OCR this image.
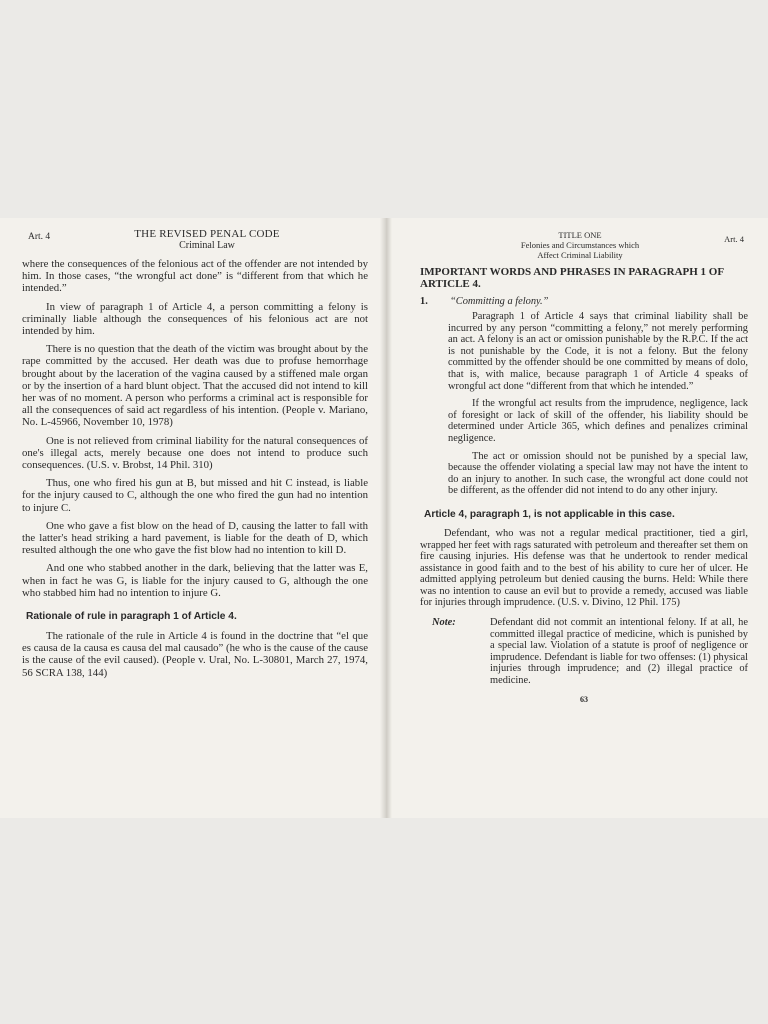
Art. 4	THE REVISED PENAL CODE
Criminal Law

where the consequences of the felonious act of the offender are not intended by him. In those cases, “the wrongful act done” is “different from that which he intended.”

In view of paragraph 1 of Article 4, a person committing a felony is criminally liable although the consequences of his felonious act are not intended by him.

There is no question that the death of the victim was brought about by the rape committed by the accused. Her death was due to profuse hemorrhage brought about by the laceration of the vagina caused by a stiffened male organ or by the insertion of a hard blunt object. That the accused did not intend to kill her was of no moment. A person who performs a criminal act is responsible for all the consequences of said act regardless of his intention. (People v. Mariano, No. L-45966, November 10, 1978)

One is not relieved from criminal liability for the natural consequences of one's illegal acts, merely because one does not intend to produce such consequences. (U.S. v. Brobst, 14 Phil. 310)

Thus, one who fired his gun at B, but missed and hit C instead, is liable for the injury caused to C, although the one who fired the gun had no intention to injure C.

One who gave a fist blow on the head of D, causing the latter to fall with the latter's head striking a hard pavement, is liable for the death of D, which resulted although the one who gave the fist blow had no intention to kill D.

And one who stabbed another in the dark, believing that the latter was E, when in fact he was G, is liable for the injury caused to G, although the one who stabbed him had no intention to injure G.

Rationale of rule in paragraph 1 of Article 4.

The rationale of the rule in Article 4 is found in the doctrine that “el que es causa de la causa es causa del mal causado” (he who is the cause of the cause is the cause of the evil caused). (People v. Ural, No. L-30801, March 27, 1974, 56 SCRA 138, 144)

TITLE ONE
Felonies and Circumstances which
Affect Criminal Liability
Art. 4
IMPORTANT WORDS AND PHRASES IN PARAGRAPH 1 OF ARTICLE 4.
1.	“Committing a felony.”

Paragraph 1 of Article 4 says that criminal liability shall be incurred by any person “committing a felony,” not merely performing an act. A felony is an act or omission punishable by the R.P.C. If the act is not punishable by the Code, it is not a felony. But the felony committed by the offender should be one committed by means of dolo, that is, with malice, because paragraph 1 of Article 4 speaks of wrongful act done “different from that which he intended.”

If the wrongful act results from the imprudence, negligence, lack of foresight or lack of skill of the offender, his liability should be determined under Article 365, which defines and penalizes criminal negligence.

The act or omission should not be punished by a special law, because the offender violating a special law may not have the intent to do an injury to another. In such case, the wrongful act done could not be different, as the offender did not intend to do any other injury.

Article 4, paragraph 1, is not applicable in this case.

Defendant, who was not a regular medical practitioner, tied a girl, wrapped her feet with rags saturated with petroleum and thereafter set them on fire causing injuries. His defense was that he undertook to render medical assistance in good faith and to the best of his ability to cure her of ulcer. He admitted applying petroleum but denied causing the burns. Held: While there was no intention to cause an evil but to provide a remedy, accused was liable for injuries through imprudence. (U.S. v. Divino, 12 Phil. 175)

Note:	Defendant did not commit an intentional felony. If at all, he committed illegal practice of medicine, which is punished by a special law. Violation of a statute is proof of negligence or imprudence. Defendant is liable for two offenses: (1) physical injuries through imprudence; and (2) illegal practice of medicine.

63
